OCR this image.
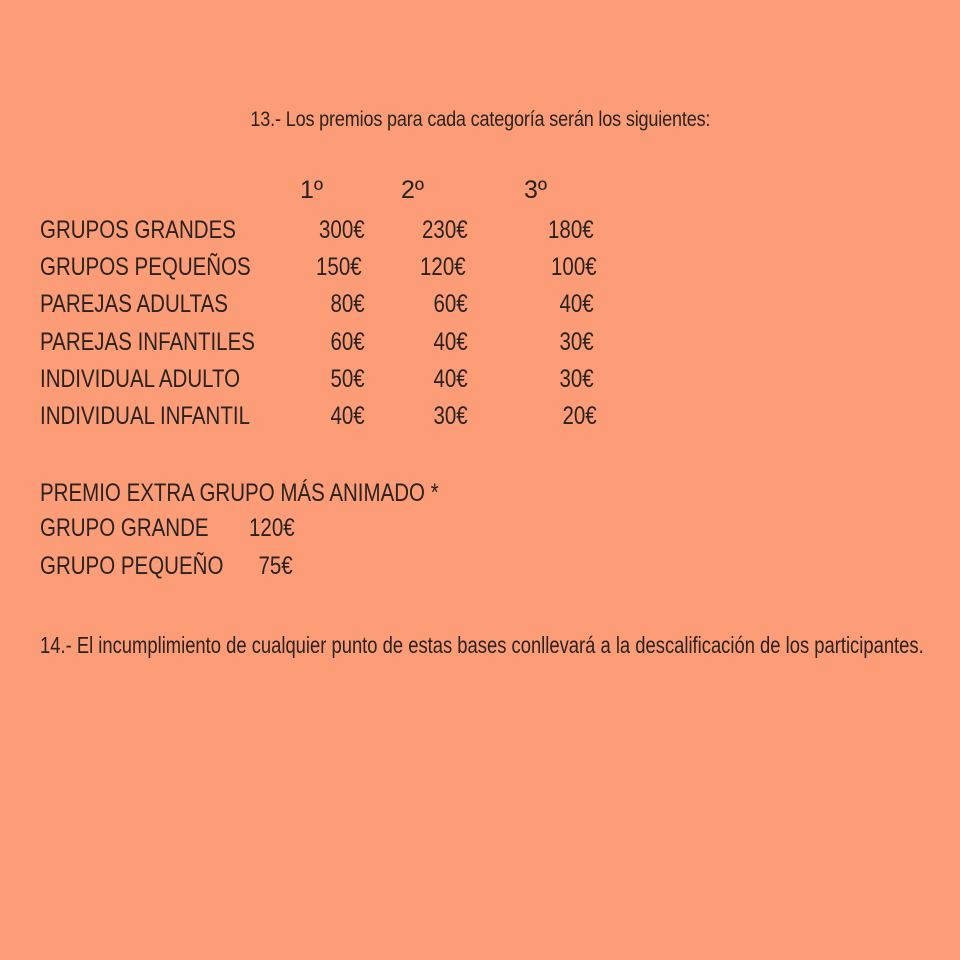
13.- Los premios para cada categoría serán los siguientes:
1º	2º	3º
GRUPOS GRANDES	300€ 230€	180€
GRUPOS PEQUEÑOS	150€ 120€	100€
PAREJAS ADULTAS	80€	60€	40€
PAREJAS INFANTILES	60€	40€	30€
INDIVIDUAL ADULTO	50€	40€	30€
INDIVIDUAL INFANTIL	40€	30€	20€
PREMIO EXTRA GRUPO MÁS ANIMADO *
GRUPO GRANDE 120€
GRUPO PEQUEÑO 75€
14.- El incumplimiento de cualquier punto de estas bases conllevará a la descalificación de los participantes.
